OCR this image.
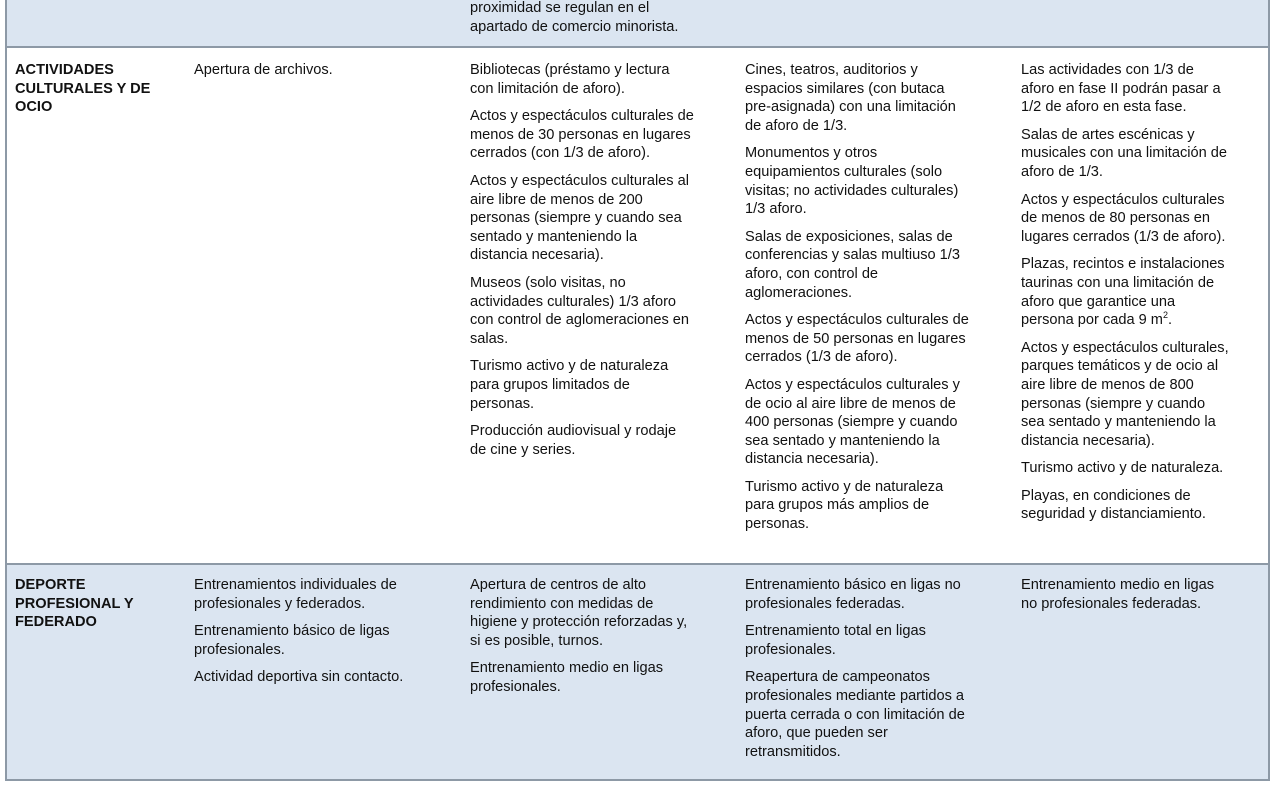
proximidad se regulan en el
apartado de comercio minorista.
ACTIVIDADES
CULTURALES Y DE
OCIO

Apertura de archivos.	Bibliotecas (préstamo y lectura
con limitación de aforo).

Actos y espectáculos culturales de
menos de 30 personas en lugares
cerrados (con 1/3 de aforo).

Actos y espectáculos culturales al
aire libre de menos de 200
personas (siempre y cuando sea
sentado y manteniendo la
distancia necesaria).

Museos (solo visitas, no
actividades culturales) 1/3 aforo
con control de aglomeraciones en
salas.

Turismo activo y de naturaleza
para grupos limitados de
personas.

Producción audiovisual y rodaje
de cine y series.

Cines, teatros, auditorios y
espacios similares (con butaca
pre-asignada) con una limitación
de aforo de 1/3.

Monumentos y otros
equipamientos culturales (solo
visitas; no actividades culturales)
1/3 aforo.

Salas de exposiciones, salas de
conferencias y salas multiuso 1/3
aforo, con control de
aglomeraciones.

Actos y espectáculos culturales de
menos de 50 personas en lugares
cerrados (1/3 de aforo).

Actos y espectáculos culturales y
de ocio al aire libre de menos de
400 personas (siempre y cuando
sea sentado y manteniendo la
distancia necesaria).

Turismo activo y de naturaleza
para grupos más amplios de
personas.

Las actividades con 1/3 de
aforo en fase II podrán pasar a
1/2 de aforo en esta fase.

Salas de artes escénicas y
musicales con una limitación de
aforo de 1/3.

Actos y espectáculos culturales
de menos de 80 personas en
lugares cerrados (1/3 de aforo).

Plazas, recintos e instalaciones
taurinas con una limitación de
aforo que garantice una
persona por cada 9 $m^2$.

Actos y espectáculos culturales,
parques temáticos y de ocio al
aire libre de menos de 800
personas (siempre y cuando
sea sentado y manteniendo la
distancia necesaria).

Turismo activo y de naturaleza.

Playas, en condiciones de
seguridad y distanciamiento.

DEPORTE
PROFESIONAL Y
FEDERADO

Entrenamientos individuales de
profesionales y federados.

Entrenamiento básico de ligas
profesionales.

Actividad deportiva sin contacto.

Apertura de centros de alto
rendimiento con medidas de
higiene y protección reforzadas y,
si es posible, turnos.

Entrenamiento medio en ligas
profesionales.

Entrenamiento básico en ligas no
profesionales federadas.

Entrenamiento total en ligas
profesionales.

Reapertura de campeonatos
profesionales mediante partidos a
puerta cerrada o con limitación de
aforo, que pueden ser
retransmitidos.

Entrenamiento medio en ligas
no profesionales federadas.
